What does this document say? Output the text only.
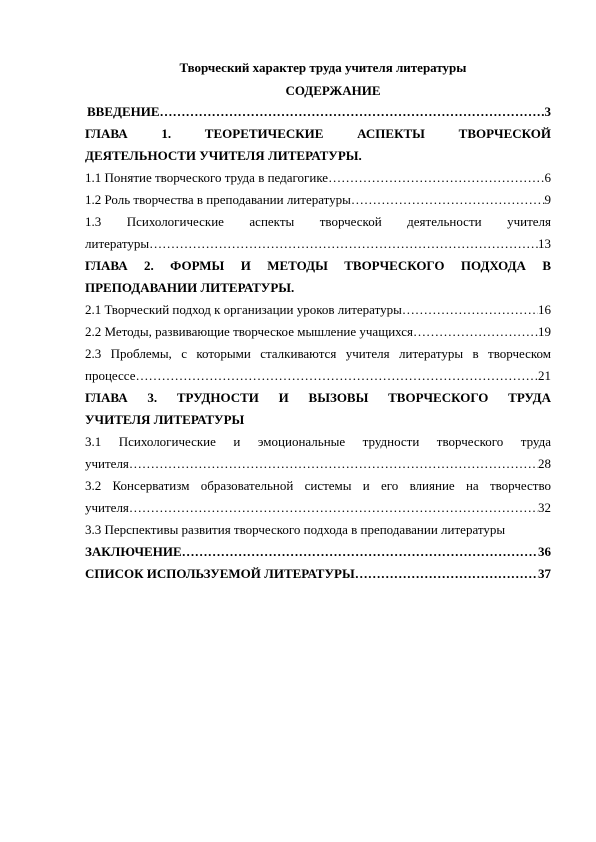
Творческий характер труда учителя литературы
СОДЕРЖАНИЕ
ВВЕДЕНИЕ ……………………………………………………………………………………………………………………………………………………………………………………	.3
ГЛАВА 1. ТЕОРЕТИЧЕСКИЕ АСПЕКТЫ ТВОРЧЕСКОЙ
ДЕЯТЕЛЬНОСТИ УЧИТЕЛЯ ЛИТЕРАТУРЫ.
1.1 Понятие творческого труда в педагогике ……………………………………………………………………………………………………………………………………………………………………………………	6
1.2 Роль творчества в преподавании литературы ……………………………………………………………………………………………………………………………………………………………………………………	9
1.3 Психологические аспекты творческой деятельности учителя
литературы ……………………………………………………………………………………………………………………………………………………………………………………	13
ГЛАВА 2. ФОРМЫ И МЕТОДЫ ТВОРЧЕСКОГО ПОДХОДА В
ПРЕПОДАВАНИИ ЛИТЕРАТУРЫ.
2.1 Творческий подход к организации уроков литературы ……………………………………………………………………………………………………………………………………………………………………………………	16
2.2 Методы, развивающие творческое мышление учащихся ……………………………………………………………………………………………………………………………………………………………………………………	19
2.3 Проблемы, с которыми сталкиваются учителя литературы в творческом
процессе ……………………………………………………………………………………………………………………………………………………………………………………	21
ГЛАВА 3. ТРУДНОСТИ И ВЫЗОВЫ ТВОРЧЕСКОГО ТРУДА
УЧИТЕЛЯ ЛИТЕРАТУРЫ
3.1 Психологические и эмоциональные трудности творческого труда
учителя ……………………………………………………………………………………………………………………………………………………………………………………	28
3.2 Консерватизм образовательной системы и его влияние на творчество
учителя ……………………………………………………………………………………………………………………………………………………………………………………	32
3.3 Перспективы развития творческого подхода в преподавании литературы
ЗАКЛЮЧЕНИЕ ……………………………………………………………………………………………………………………………………………………………………………………	36
СПИСОК ИСПОЛЬЗУЕМОЙ ЛИТЕРАТУРЫ ……………………………………………………………………………………………………………………………………………………………………………………	37
